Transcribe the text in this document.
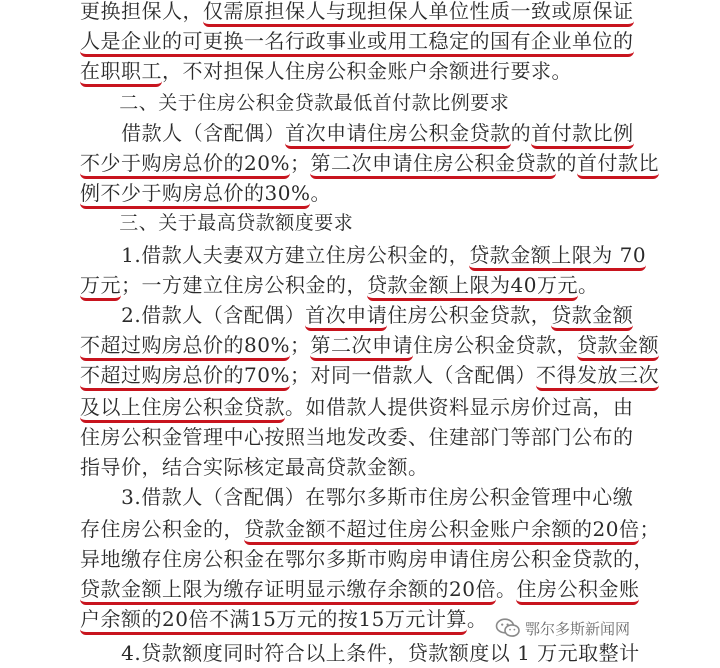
更换担保人，仅需原担保人与现担保人单位性质一致或原保证
人是企业的可更换一名行政事业或用工稳定的国有企业单位的
在职职工，不对担保人住房公积金账户余额进行要求。
二、关于住房公积金贷款最低首付款比例要求
借款人（含配偶）首次申请住房公积金贷款的首付款比例
不少于购房总价的20%；第二次申请住房公积金贷款的首付款比
例不少于购房总价的30%。
三、关于最高贷款额度要求
1.借款人夫妻双方建立住房公积金的，贷款金额上限为 70
万元；一方建立住房公积金的，贷款金额上限为40万元。
2.借款人（含配偶）首次申请住房公积金贷款，贷款金额
不超过购房总价的80%；第二次申请住房公积金贷款，贷款金额
不超过购房总价的70%；对同一借款人（含配偶）不得发放三次
及以上住房公积金贷款。如借款人提供资料显示房价过高，由
住房公积金管理中心按照当地发改委、住建部门等部门公布的
指导价，结合实际核定最高贷款金额。
3.借款人（含配偶）在鄂尔多斯市住房公积金管理中心缴
存住房公积金的，贷款金额不超过住房公积金账户余额的20倍；
异地缴存住房公积金在鄂尔多斯市购房申请住房公积金贷款的，
贷款金额上限为缴存证明显示缴存余额的20倍。住房公积金账
户余额的20倍不满15万元的按15万元计算。
4.贷款额度同时符合以上条件，贷款额度以 1 万元取整计
鄂尔多斯新闻网
